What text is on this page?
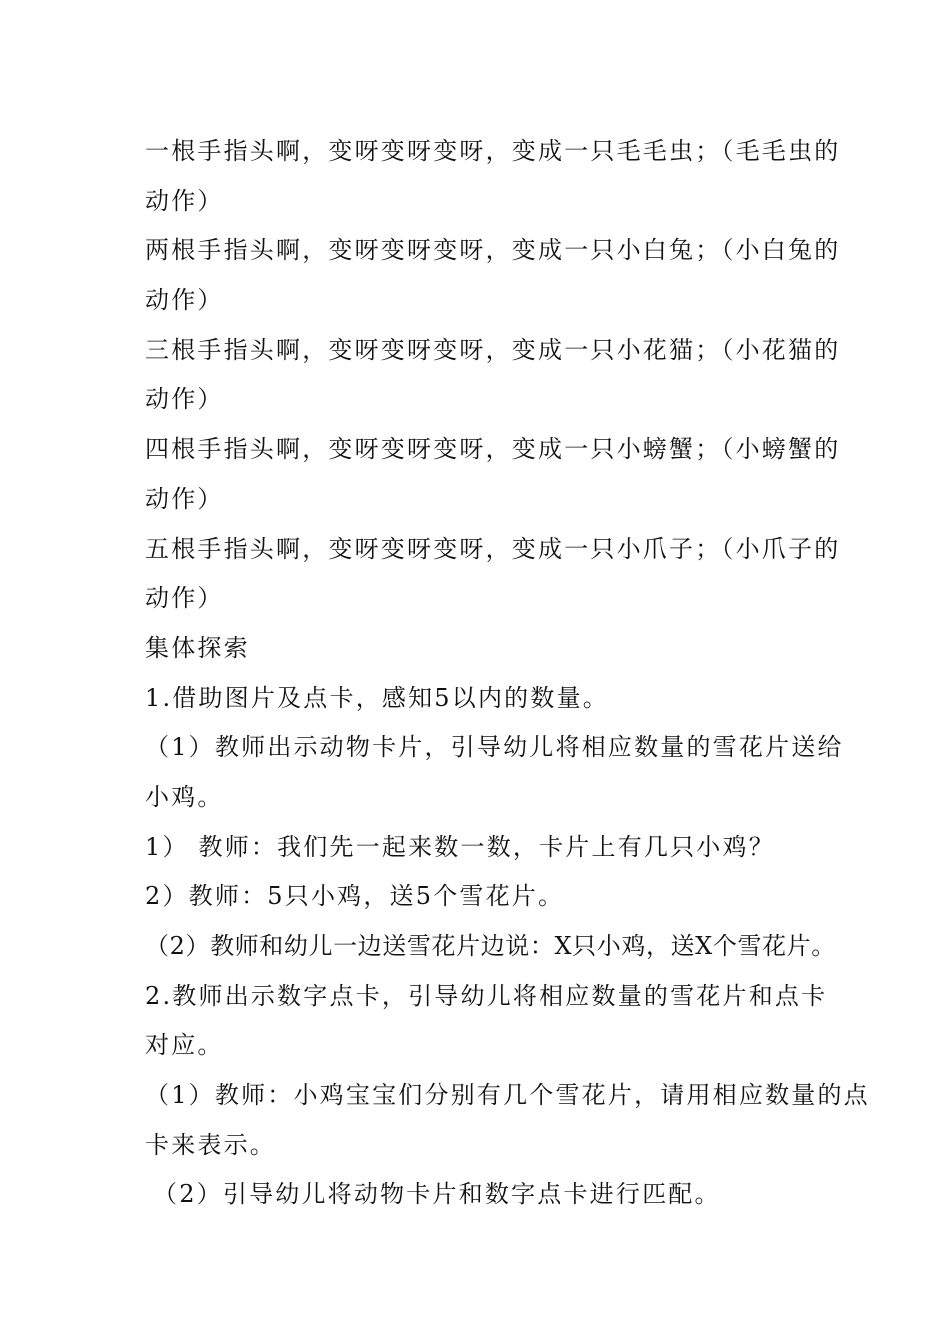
一根手指头啊，变呀变呀变呀，变成一只毛毛虫；（毛毛虫的
动作）
两根手指头啊，变呀变呀变呀，变成一只小白兔；（小白兔的
动作）
三根手指头啊，变呀变呀变呀，变成一只小花猫；（小花猫的
动作）
四根手指头啊，变呀变呀变呀，变成一只小螃蟹；（小螃蟹的
动作）
五根手指头啊，变呀变呀变呀，变成一只小爪子；（小爪子的
动作）
集体探索
1.借助图片及点卡，感知5以内的数量。
（1）教师出示动物卡片，引导幼儿将相应数量的雪花片送给
小鸡。
1） 教师：我们先一起来数一数，卡片上有几只小鸡？
2）教师：5只小鸡，送5个雪花片。
（2）教师和幼儿一边送雪花片边说：X只小鸡，送X个雪花片。
2.教师出示数字点卡，引导幼儿将相应数量的雪花片和点卡
对应。
（1）教师：小鸡宝宝们分别有几个雪花片，请用相应数量的点
卡来表示。
（2）引导幼儿将动物卡片和数字点卡进行匹配。
